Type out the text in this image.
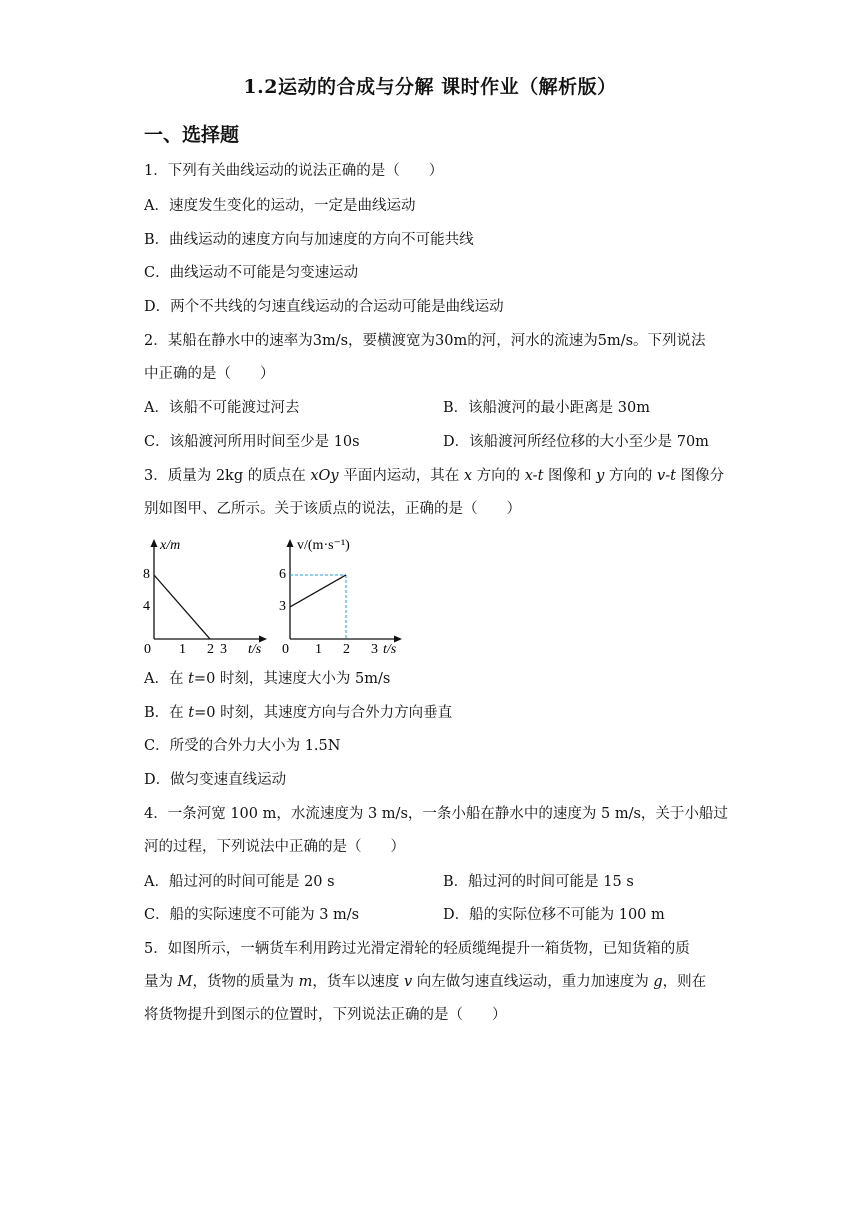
1.2运动的合成与分解 课时作业（解析版）
一、选择题
1．下列有关曲线运动的说法正确的是（　　）
A．速度发生变化的运动，一定是曲线运动
B．曲线运动的速度方向与加速度的方向不可能共线
C．曲线运动不可能是匀变速运动
D．两个不共线的匀速直线运动的合运动可能是曲线运动
2．某船在静水中的速率为3m/s，要横渡宽为30m的河，河水的流速为5m/s。下列说法
中正确的是（　　）
A．该船不可能渡过河去	B．该船渡河的最小距离是 30m
C．该船渡河所用时间至少是 10s	D．该船渡河所经位移的大小至少是 70m
3．质量为 2kg 的质点在 xOy 平面内运动，其在 x 方向的 x-t 图像和 y 方向的 v-t 图像分
别如图甲、乙所示。关于该质点的说法，正确的是（　　）
x/m
t/s
0 1 2 3
4
8
v/(m·s⁻¹)
t/s
0 1 2 3
3
6
A．在 t=0 时刻，其速度大小为 5m/s
B．在 t=0 时刻，其速度方向与合外力方向垂直
C．所受的合外力大小为 1.5N
D．做匀变速直线运动
4．一条河宽 100 m，水流速度为 3 m/s，一条小船在静水中的速度为 5 m/s，关于小船过
河的过程，下列说法中正确的是（　　）
A．船过河的时间可能是 20 s	B．船过河的时间可能是 15 s
C．船的实际速度不可能为 3 m/s	D．船的实际位移不可能为 100 m
5．如图所示，一辆货车利用跨过光滑定滑轮的轻质缆绳提升一箱货物，已知货箱的质
量为 M，货物的质量为 m，货车以速度 v 向左做匀速直线运动，重力加速度为 g，则在
将货物提升到图示的位置时，下列说法正确的是（　　）
